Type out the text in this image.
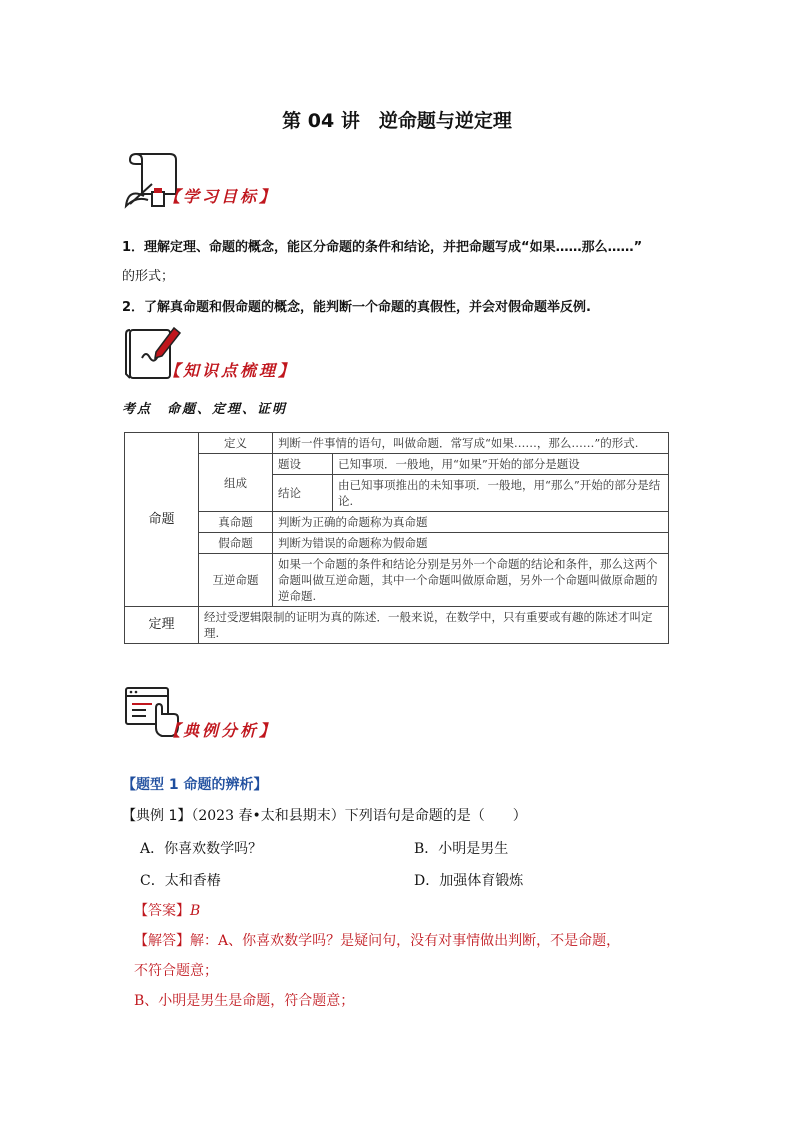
第 04 讲　逆命题与逆定理
【学习目标】
1．理解定理、命题的概念，能区分命题的条件和结论，并把命题写成“如果……那么……”
的形式；
2．了解真命题和假命题的概念，能判断一个命题的真假性，并会对假命题举反例.
【知识点梳理】
考点　命题、定理、证明
命题	定义	判断一件事情的语句，叫做命题．常写成“如果……，那么……”的形式.	
	组成	题设	已知事项．一般地，用“如果”开始的部分是题设
		结论	由已知事项推出的未知事项．一般地，用“那么”开始的部分是结论.
	真命题	判断为正确的命题称为真命题	
	假命题	判断为错误的命题称为假命题	
	互逆命题	如果一个命题的条件和结论分别是另外一个命题的结论和条件，那么这两个命题叫做互逆命题，其中一个命题叫做原命题，另外一个命题叫做原命题的逆命题.	
定理	经过受逻辑限制的证明为真的陈述．一般来说，在数学中，只有重要或有趣的陈述才叫定理.		
【典例分析】
【题型 1 命题的辨析】
【典例 1】（2023 春•太和县期末）下列语句是命题的是（　　）
A．你喜欢数学吗？	B．小明是男生
C．太和香椿	D．加强体育锻炼
【答案】B
【解答】解：A、你喜欢数学吗？是疑问句，没有对事情做出判断，不是命题，
不符合题意；
B、小明是男生是命题，符合题意；
